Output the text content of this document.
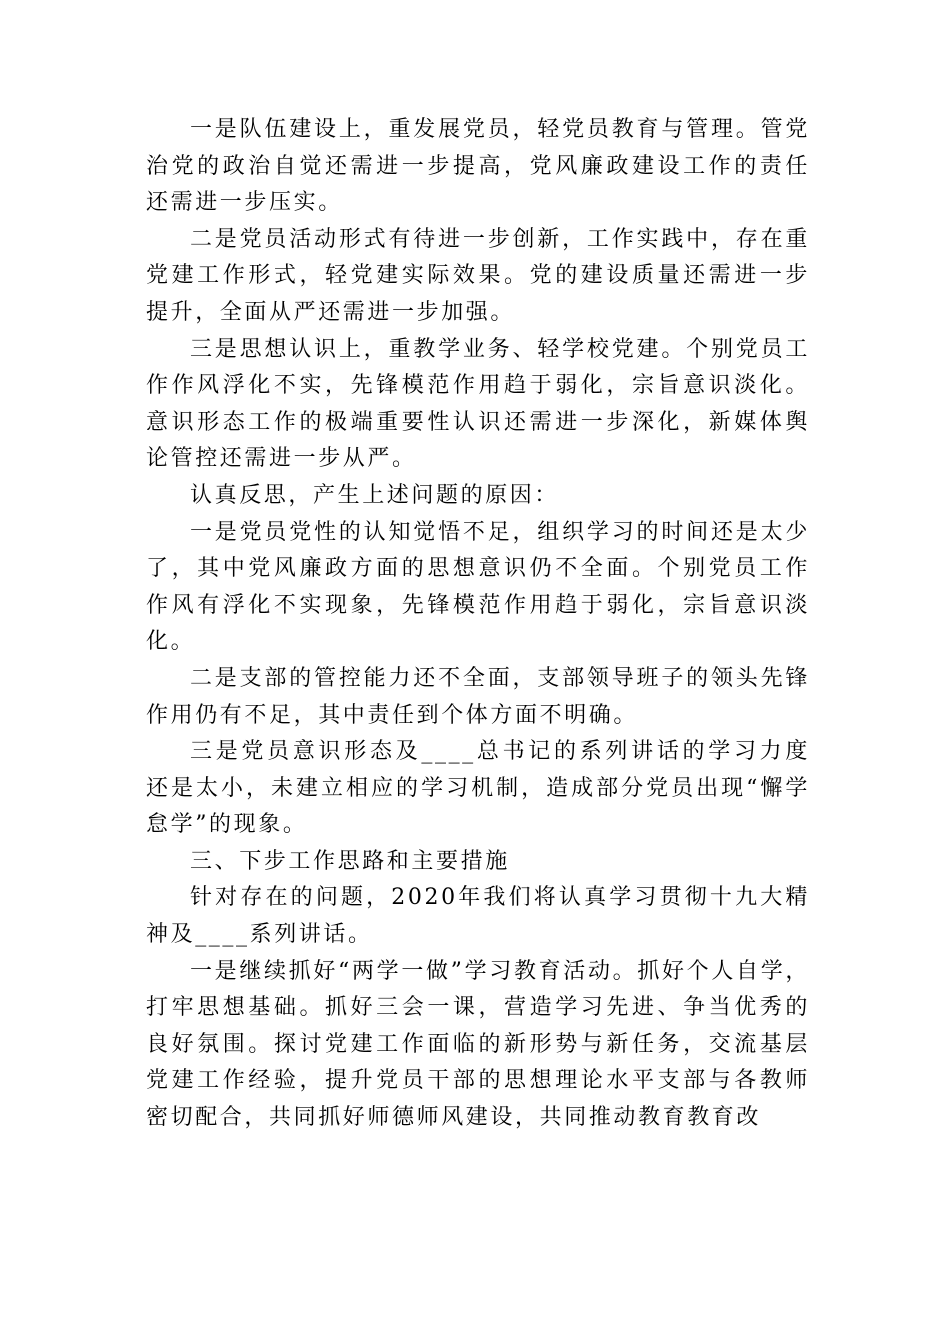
一是队伍建设上，重发展党员，轻党员教育与管理。管党治党的政治自觉还需进一步提高，党风廉政建设工作的责任还需进一步压实。

二是党员活动形式有待进一步创新，工作实践中，存在重党建工作形式，轻党建实际效果。党的建设质量还需进一步提升，全面从严还需进一步加强。

三是思想认识上，重教学业务、轻学校党建。个别党员工作作风浮化不实，先锋模范作用趋于弱化，宗旨意识淡化。意识形态工作的极端重要性认识还需进一步深化，新媒体舆论管控还需进一步从严。

认真反思，产生上述问题的原因：

一是党员党性的认知觉悟不足，组织学习的时间还是太少了，其中党风廉政方面的思想意识仍不全面。个别党员工作作风有浮化不实现象，先锋模范作用趋于弱化，宗旨意识淡化。

二是支部的管控能力还不全面，支部领导班子的领头先锋作用仍有不足，其中责任到个体方面不明确。

三是党员意识形态及____总书记的系列讲话的学习力度还是太小，未建立相应的学习机制，造成部分党员出现“懈学怠学”的现象。

三、下步工作思路和主要措施

针对存在的问题，2020年我们将认真学习贯彻十九大精神及____系列讲话。

一是继续抓好“两学一做”学习教育活动。抓好个人自学，打牢思想基础。抓好三会一课，营造学习先进、争当优秀的良好氛围。探讨党建工作面临的新形势与新任务，交流基层党建工作经验，提升党员干部的思想理论水平支部与各教师密切配合，共同抓好师德师风建设，共同推动教育教育改
